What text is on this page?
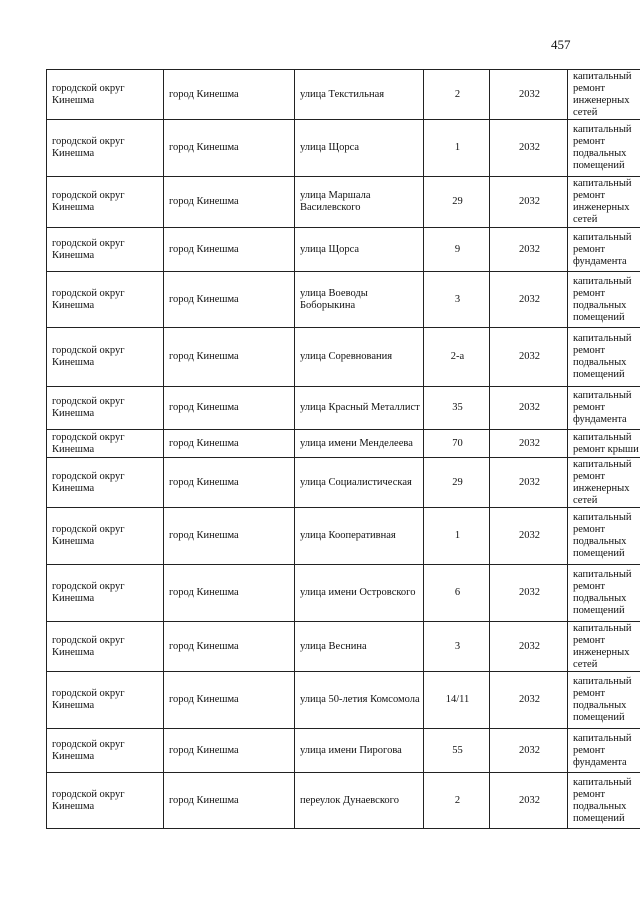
457
городской округ Кинешма	город Кинешма	улица Текстильная	2	2032	капитальный ремонт инженерных сетей
городской округ Кинешма	город Кинешма	улица Щорса	1	2032	капитальный ремонт подвальных помещений
городской округ Кинешма	город Кинешма	улица Маршала Василевского	29	2032	капитальный ремонт инженерных сетей
городской округ Кинешма	город Кинешма	улица Щорса	9	2032	капитальный ремонт фундамента
городской округ Кинешма	город Кинешма	улица Воеводы Боборыкина	3	2032	капитальный ремонт подвальных помещений
городской округ Кинешма	город Кинешма	улица Соревнования	2-а	2032	капитальный ремонт подвальных помещений
городской округ Кинешма	город Кинешма	улица Красный Металлист	35	2032	капитальный ремонт фундамента
городской округ Кинешма	город Кинешма	улица имени Менделеева	70	2032	капитальный ремонт крыши
городской округ Кинешма	город Кинешма	улица Социалистическая	29	2032	капитальный ремонт инженерных сетей
городской округ Кинешма	город Кинешма	улица Кооперативная	1	2032	капитальный ремонт подвальных помещений
городской округ Кинешма	город Кинешма	улица имени Островского	6	2032	капитальный ремонт подвальных помещений
городской округ Кинешма	город Кинешма	улица Веснина	3	2032	капитальный ремонт инженерных сетей
городской округ Кинешма	город Кинешма	улица 50-летия Комсомола	14/11	2032	капитальный ремонт подвальных помещений
городской округ Кинешма	город Кинешма	улица имени Пирогова	55	2032	капитальный ремонт фундамента
городской округ Кинешма	город Кинешма	переулок Дунаевского	2	2032	капитальный ремонт подвальных помещений
